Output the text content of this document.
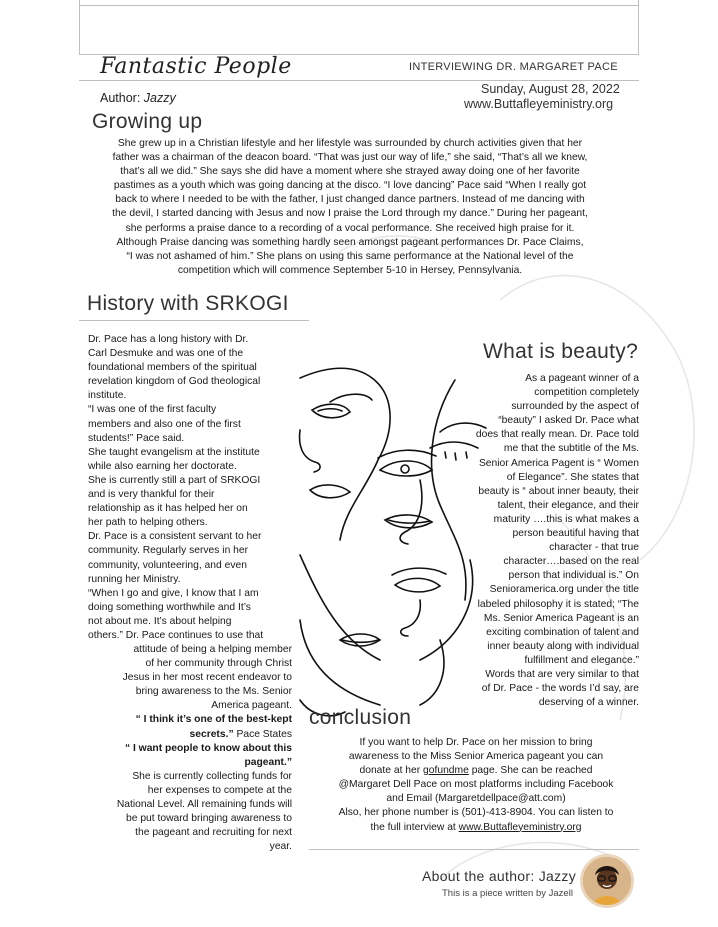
Fantastic People	INTERVIEWING DR. MARGARET PACE
Author: Jazzy
Sunday, August 28, 2022
www.Buttafleyeministry.org
Growing up

She grew up in a Christian lifestyle and her lifestyle was surrounded by church activities given that her

father was a chairman of the deacon board. “That was just our way of life,” she said, “That’s all we knew,

that’s all we did.” She says she did have a moment where she strayed away doing one of her favorite

pastimes as a youth which was going dancing at the disco. “I love dancing” Pace said “When I really got

back to where I needed to be with the father, I just changed dance partners. Instead of me dancing with

the devil, I started dancing with Jesus and now I praise the Lord through my dance.” During her pageant,

she performs a praise dance to a recording of a vocal performance. She received high praise for it.

Although Praise dancing was something hardly seen amongst pageant performances Dr. Pace Claims,

“I was not ashamed of him.” She plans on using this same performance at the National level of the

competition which will commence September 5-10 in Hersey, Pennsylvania.

History with SRKOGI

Dr. Pace has a long history with Dr.

Carl Desmuke and was one of the

foundational members of the spiritual

revelation kingdom of God theological

institute.

“I was one of the first faculty

members and also one of the first

students!” Pace said.

She taught evangelism at the institute

while also earning her doctorate.

She is currently still a part of SRKOGI

and is very thankful for their

relationship as it has helped her on

her path to helping others.

Dr. Pace is a consistent servant to her

community. Regularly serves in her

community, volunteering, and even

running her Ministry.

“When I go and give, I know that I am

doing something worthwhile and It’s

not about me. It’s about helping

others.” Dr. Pace continues to use that

attitude of being a helping member

of her community through Christ

Jesus in her most recent endeavor to

bring awareness to the Ms. Senior

America pageant.

“ I think it’s one of the best-kept

secrets.” Pace States

“ I want people to know about this

pageant.”

She is currently collecting funds for

her expenses to compete at the

National Level. All remaining funds will

be put toward bringing awareness to

the pageant and recruiting for next

year.

What is beauty?

As a pageant winner of a

competition completely

surrounded by the aspect of

“beauty” I asked Dr. Pace what

does that really mean. Dr. Pace told

me that the subtitle of the Ms.

Senior America Pagent is “ Women

of Elegance”. She states that

beauty is “ about inner beauty, their

talent, their elegance, and their

maturity ….this is what makes a

person beautiful having that

character - that true

character….based on the real

person that individual is.” On

Senioramerica.org under the title

labeled philosophy it is stated; “The

Ms. Senior America Pageant is an

exciting combination of talent and

inner beauty along with individual

fulfillment and elegance.”

Words that are very similar to that

of Dr. Pace - the words I’d say, are

deserving of a winner.

conclusion

If you want to help Dr. Pace on her mission to bring

awareness to the Miss Senior America pageant you can

donate at her gofundme page. She can be reached

@Margaret Dell Pace on most platforms including Facebook

and Email (Margaretdellpace@att.com)

Also, her phone number is (501)-413-8904. You can listen to

the full interview at www.Buttafleyeministry.org

About the author: Jazzy
This is a piece written by Jazell
